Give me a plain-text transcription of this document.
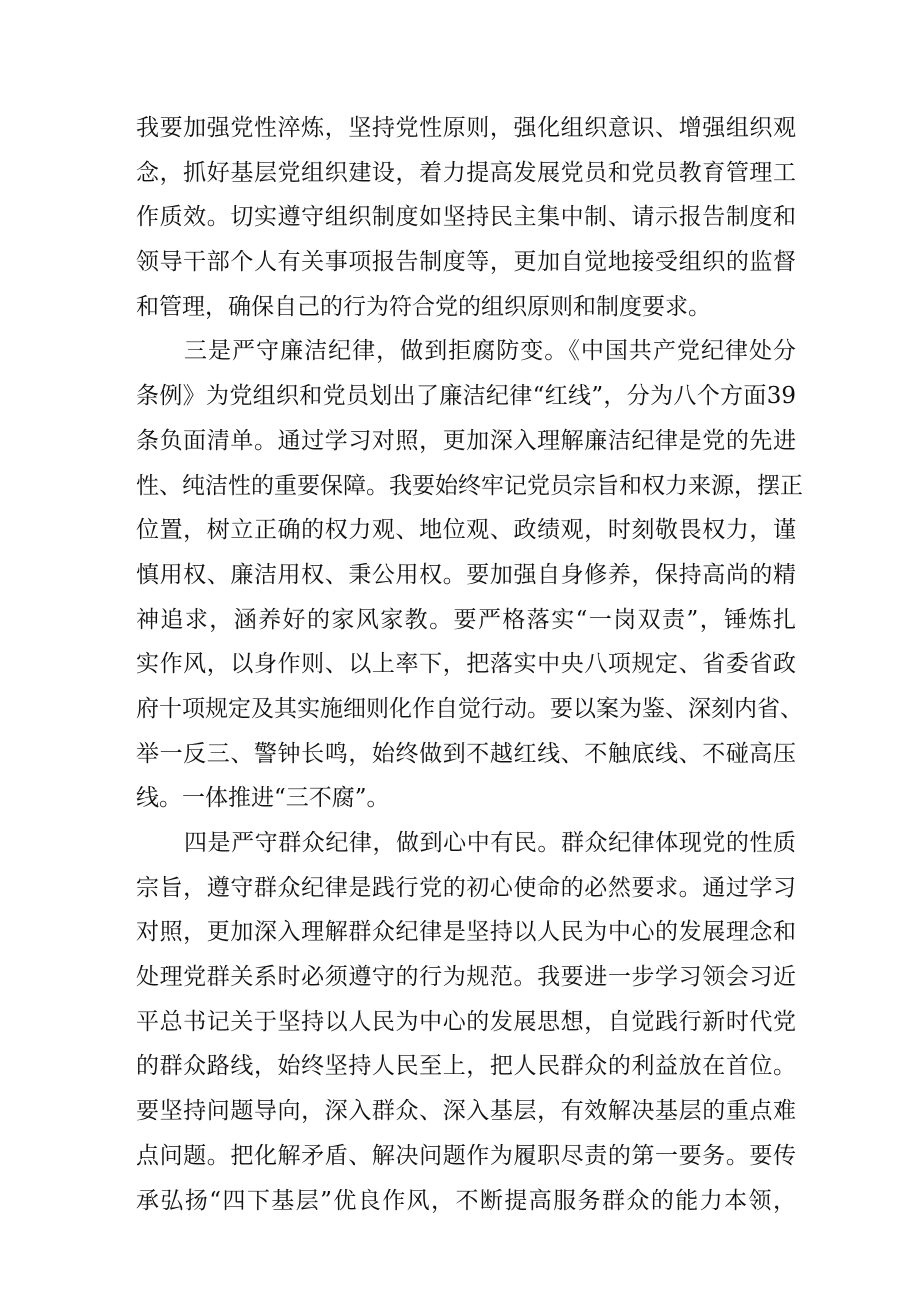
我要加强党性淬炼，坚持党性原则，强化组织意识、增强组织观
念，抓好基层党组织建设，着力提高发展党员和党员教育管理工
作质效。切实遵守组织制度如坚持民主集中制、请示报告制度和
领导干部个人有关事项报告制度等，更加自觉地接受组织的监督
和管理，确保自己的行为符合党的组织原则和制度要求。
三是严守廉洁纪律，做到拒腐防变。《中国共产党纪律处分
条例》为党组织和党员划出了廉洁纪律“红线”，分为八个方面39
条负面清单。通过学习对照，更加深入理解廉洁纪律是党的先进
性、纯洁性的重要保障。我要始终牢记党员宗旨和权力来源，摆正
位置，树立正确的权力观、地位观、政绩观，时刻敬畏权力，谨
慎用权、廉洁用权、秉公用权。要加强自身修养，保持高尚的精
神追求，涵养好的家风家教。要严格落实“一岗双责”，锤炼扎
实作风，以身作则、以上率下，把落实中央八项规定、省委省政
府十项规定及其实施细则化作自觉行动。要以案为鉴、深刻内省、
举一反三、警钟长鸣，始终做到不越红线、不触底线、不碰高压
线。一体推进“三不腐”。
四是严守群众纪律，做到心中有民。群众纪律体现党的性质
宗旨，遵守群众纪律是践行党的初心使命的必然要求。通过学习
对照，更加深入理解群众纪律是坚持以人民为中心的发展理念和
处理党群关系时必须遵守的行为规范。我要进一步学习领会习近
平总书记关于坚持以人民为中心的发展思想，自觉践行新时代党
的群众路线，始终坚持人民至上，把人民群众的利益放在首位。
要坚持问题导向，深入群众、深入基层，有效解决基层的重点难
点问题。把化解矛盾、解决问题作为履职尽责的第一要务。要传
承弘扬“四下基层”优良作风，不断提高服务群众的能力本领，
